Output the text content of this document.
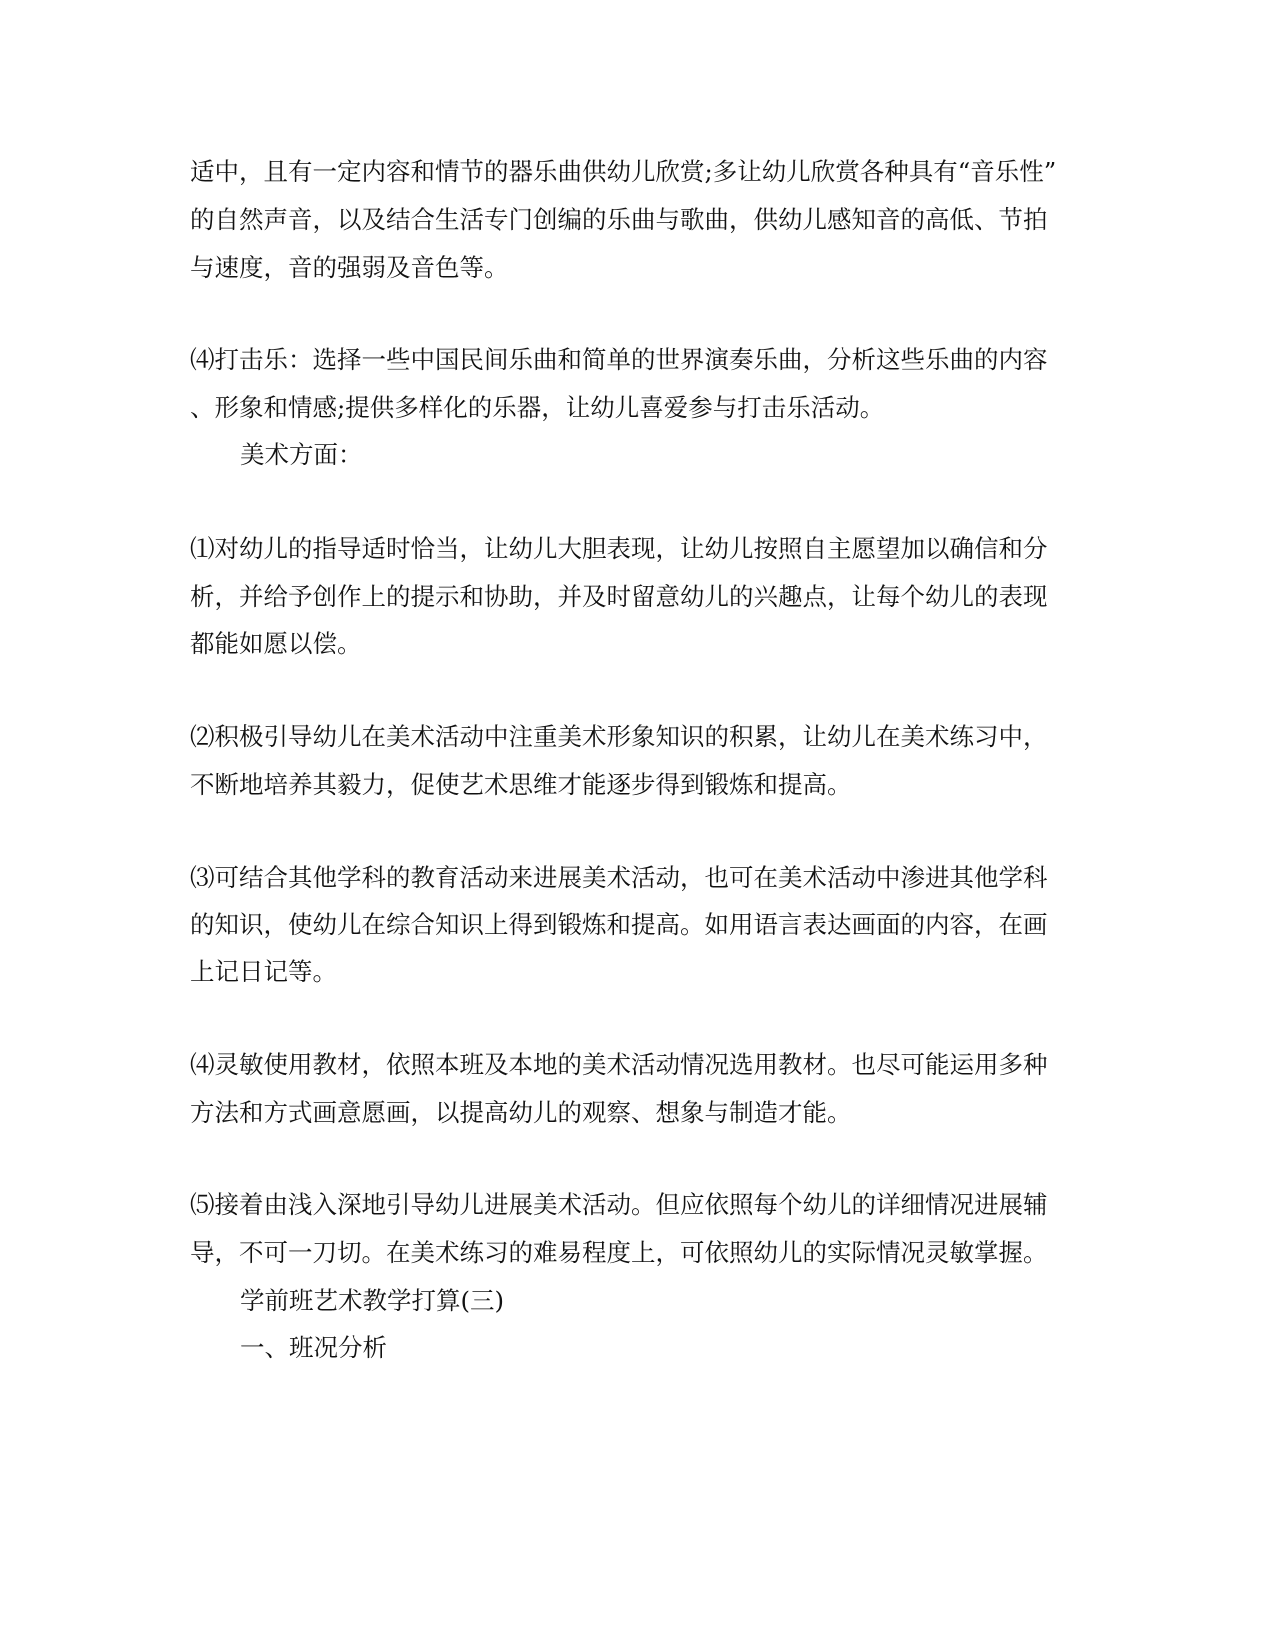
适中，且有一定内容和情节的器乐曲供幼儿欣赏;多让幼儿欣赏各种具有“音乐性”
的自然声音，以及结合生活专门创编的乐曲与歌曲，供幼儿感知音的高低、节拍
与速度，音的强弱及音色等。
⑷打击乐：选择一些中国民间乐曲和简单的世界演奏乐曲，分析这些乐曲的内容
、形象和情感;提供多样化的乐器，让幼儿喜爱参与打击乐活动。
美术方面：
⑴对幼儿的指导适时恰当，让幼儿大胆表现，让幼儿按照自主愿望加以确信和分
析，并给予创作上的提示和协助，并及时留意幼儿的兴趣点，让每个幼儿的表现
都能如愿以偿。
⑵积极引导幼儿在美术活动中注重美术形象知识的积累，让幼儿在美术练习中，
不断地培养其毅力，促使艺术思维才能逐步得到锻炼和提高。
⑶可结合其他学科的教育活动来进展美术活动，也可在美术活动中渗进其他学科
的知识，使幼儿在综合知识上得到锻炼和提高。如用语言表达画面的内容，在画
上记日记等。
⑷灵敏使用教材，依照本班及本地的美术活动情况选用教材。也尽可能运用多种
方法和方式画意愿画，以提高幼儿的观察、想象与制造才能。
⑸接着由浅入深地引导幼儿进展美术活动。但应依照每个幼儿的详细情况进展辅
导，不可一刀切。在美术练习的难易程度上，可依照幼儿的实际情况灵敏掌握。
学前班艺术教学打算(三)
一、班况分析
